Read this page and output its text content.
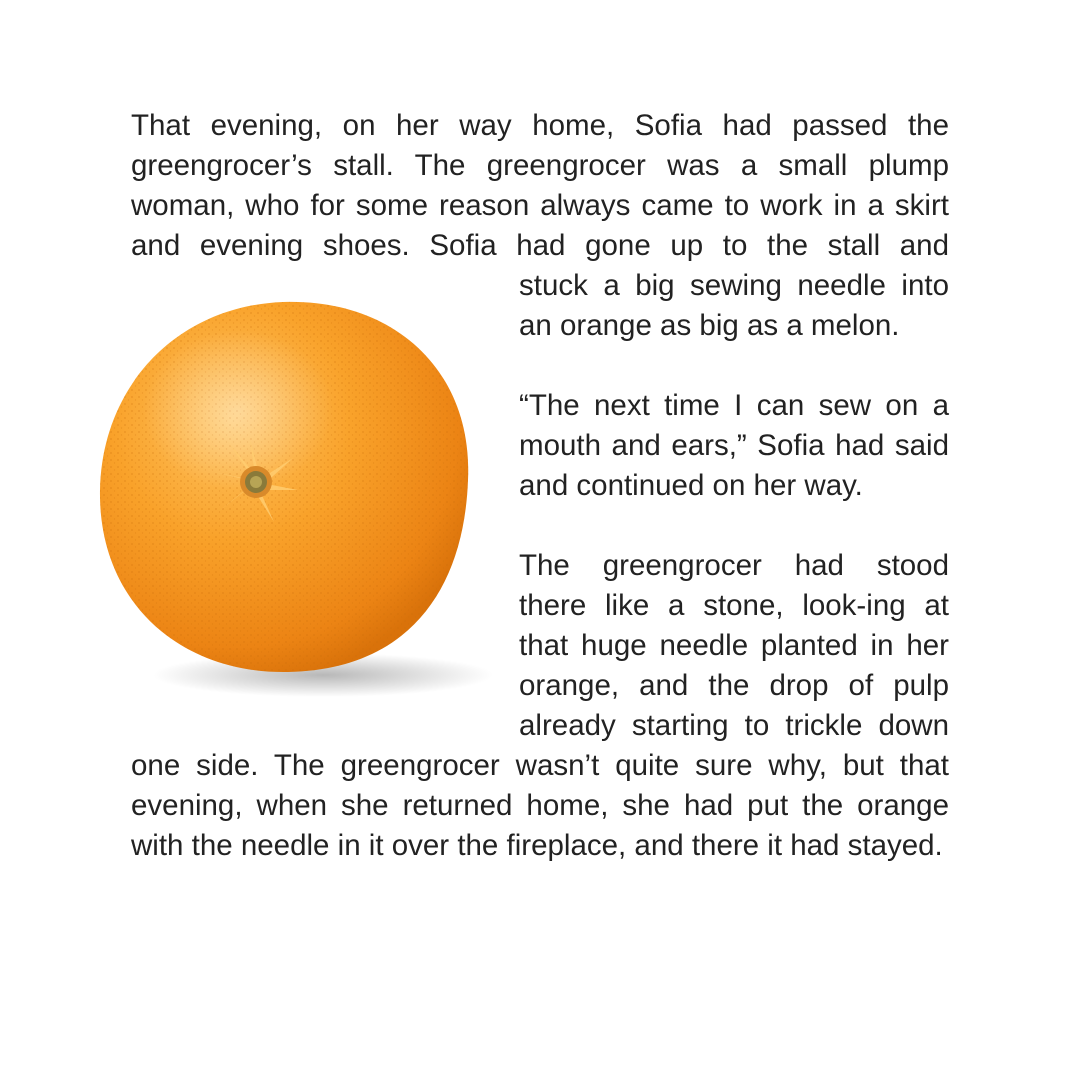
That evening, on her way home, Sofia had passed the greengrocer’s stall. The greengrocer was a small plump woman, who for some reason always came to work in a skirt and evening shoes. Sofia had gone up to the stall and

stuck a big sewing needle into an orange as big as a melon.

“The next time I can sew on a mouth and ears,” Sofia had said and continued on her way.

The greengrocer had stood there like a stone, look-ing at that huge needle planted in her orange, and the drop of pulp already starting to trickle down

one side. The greengrocer wasn’t quite sure why, but that evening, when she returned home, she had put the orange with the needle in it over the fireplace, and there it had stayed.
